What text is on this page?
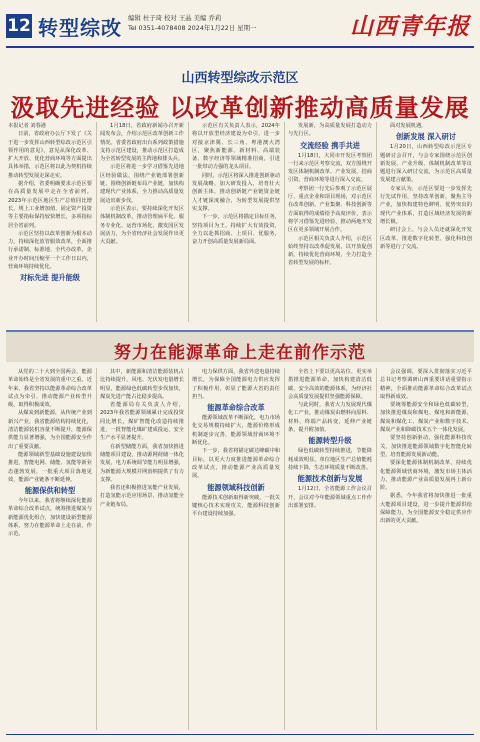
12 转型综改 编辑 杜子琦 校对 王晶 美编 乔莉
Tel 0351-4078408 2024年1月22日 星期一	山西青年报
山西转型综改示范区
汲取先进经验 以改革创新推动高质量发展

本报记者 刘春港

日前，省政府办公厅下发了《关于进一步发挥山西转型综改示范区引领作用的意见》，意见从深化改革、扩大开放、优化营商环境等方面提出具体举措，示范区将以此为契机持续推动转型发展走深走实。

据介绍，省委明确要求示范区要在高质量发展中走在全省前列。2023年示范区地区生产总值同比增长，规上工业增加值、固定资产投资等主要指标保持较快增长，多项指标居全省前列。

示范区坚持以改革创新为根本动力，持续深化放管服效改革，全面推行承诺制、标准地、全代办改革，企业开办时间压缩至一个工作日以内，营商环境持续优化。

对标先进 提升能级

1月18日，省政府新闻办召开新闻发布会，介绍示范区改革创新工作情况。省委省政府出台系列政策措施支持示范区建设，推动示范区打造成为全省转型发展的主阵地和排头兵。

示范区将进一步学习借鉴先进地区经验做法，围绕产业链部署创新链、围绕创新链布局产业链，加快构建现代产业体系，全力推动高质量发展迈出新步伐。

示范区表示，要持续深化开发区体制机制改革，推动管理扁平化、服务专业化、运营市场化，激发园区发展活力，为全省经济社会发展作出更大贡献。

示范区有关负责人表示，2024年将以开放型经济建设为牵引，进一步对接京津冀、长三角、粤港澳大湾区，聚焦新能源、新材料、高端装备、数字经济等领域精准招商，引进一批带动力强的龙头项目。

同时，示范区将深入推进创新驱动发展战略，加大研发投入，培育壮大创新主体，推动创新链产业链资金链人才链深度融合，为转型发展提供坚实支撑。

下一步，示范区将锚定目标任务，坚持项目为王，持续扩大有效投资，全力以赴抓招商、上项目、优服务，奋力开创高质量发展新局面。

发展新，为高质量发展打造动力与先行区。

交流经验 携手共进

1月18日，大同市开发区考察团一行来示范区考察交流，双方围绕开发区体制机制改革、产业发展、招商引资、营商环境等进行深入交流。

考察团一行先后参观了示范区展厅、重点企业和项目现场，对示范区在改革创新、产业集聚、科技创新等方面取得的成绩给予高度评价，表示将学习借鉴先进经验，推动两地开发区在更多领域开展合作。

示范区相关负责人介绍，示范区始终坚持以改革促发展、以开放促创新，持续优化营商环境，全力打造全省转型发展的标杆。

面对发展机遇。

创新发展 深入研讨

1月20日，山西转型综改示范区专题研讨会召开，与会专家围绕示范区创新发展、产业升级、体制机制改革等议题进行深入研讨交流，为示范区高质量发展建言献策。

专家认为，示范区要进一步发挥先行先试作用，坚持改革创新，聚焦主导产业，加快构建特色鲜明、优势突出的现代产业体系，打造区域经济发展的新增长极。

研讨会上，与会人员还就深化开发区改革、推进数字化转型、强化科技创新等进行了交流。

努力在能源革命上走在前作示范

从党的二十大到全国两会，能源革命始终是全省发展的重中之重。近年来，我省坚持以能源革命综合改革试点为牵引，推动能源产业转型升级，取得积极成效。

从煤炭到新能源，从传统产业到新兴产业，我省能源结构持续优化，清洁能源装机容量不断提升，能源保供能力显著增强，为全国能源安全作出了重要贡献。

能源领域新型基础设施建设加快推进，智能电网、储能、氢能等新业态蓬勃发展，一批重大项目落地见效，能源产业链条不断延伸。

能源保供和转型

今年以来，我省将继续深化能源革命综合改革试点，统筹推进煤炭与新能源优化组合，加快建设新型能源体系，努力在能源革命上走在前、作示范。

其中，新能源和清洁能源装机占比持续提升，风电、光伏发电量增长明显，能源绿色低碳转型步伐加快，煤炭先进产能占比稳步提高。

省能源局有关负责人介绍，2023年我省能源领域累计完成投资同比增长，煤矿智能化改造持续推进，一批智能化煤矿建成投运，安全生产水平显著提升。

在新型储能方面，我省加快推进储能项目建设，推动源网荷储一体化发展，电力系统调节能力明显增强，为新能源大规模并网消纳提供了有力支撑。

我省还积极推进氢能产业发展，打造氢能示范应用场景，推动氢能全产业链布局。

电力保供方面，我省外送电量持续增长，为保障全国能源电力供应发挥了积极作用，彰显了能源大省的责任担当。

能源革命综合改革

能源领域改革不断深化，电力市场化交易规模持续扩大，能源价格形成机制逐步完善，能源领域营商环境不断优化。

下一步，我省将锚定碳达峰碳中和目标，以更大力度推进能源革命综合改革试点，推动能源产业高质量发展。

能源领域科技创新

能源技术创新取得新突破，一批关键核心技术实现攻关，能源科技创新平台建设持续加强。

全省上下要以更高站位、更实举措推进能源革命，加快构建清洁低碳、安全高效的能源体系，为经济社会高质量发展提供坚强能源保障。

与此同时，我省大力发展现代煤化工产业，推动煤炭由燃料向原料、材料、终端产品转变，延伸产业链条，提升附加值。

能源转型升级

绿色低碳转型持续推进，节能降耗成效明显，单位地区生产总值能耗持续下降，生态环境质量不断改善。

能源技术创新与发展

1月12日，全省能源工作会议召开，会议对今年能源领域重点工作作出部署安排。

会议强调，要深入贯彻落实习近平总书记考察调研山西重要讲话重要指示精神，全面推动能源革命综合改革试点取得新成效。

要统筹能源安全和绿色低碳转型，加快推进煤炭和煤电、煤电和新能源、煤炭和煤化工、煤炭产业和数字技术、煤炭产业和降碳技术五个一体化发展。

要坚持创新驱动，强化能源科技攻关，加快推进能源领域数字化智能化转型，培育能源发展新动能。

要深化能源体制机制改革，持续优化能源领域营商环境，激发市场主体活力，推动能源产业高质量发展再上新台阶。

据悉，今年我省将加快推进一批重大能源项目建设，进一步提升能源供给保障能力，为全国能源安全稳定供应作出新的更大贡献。
